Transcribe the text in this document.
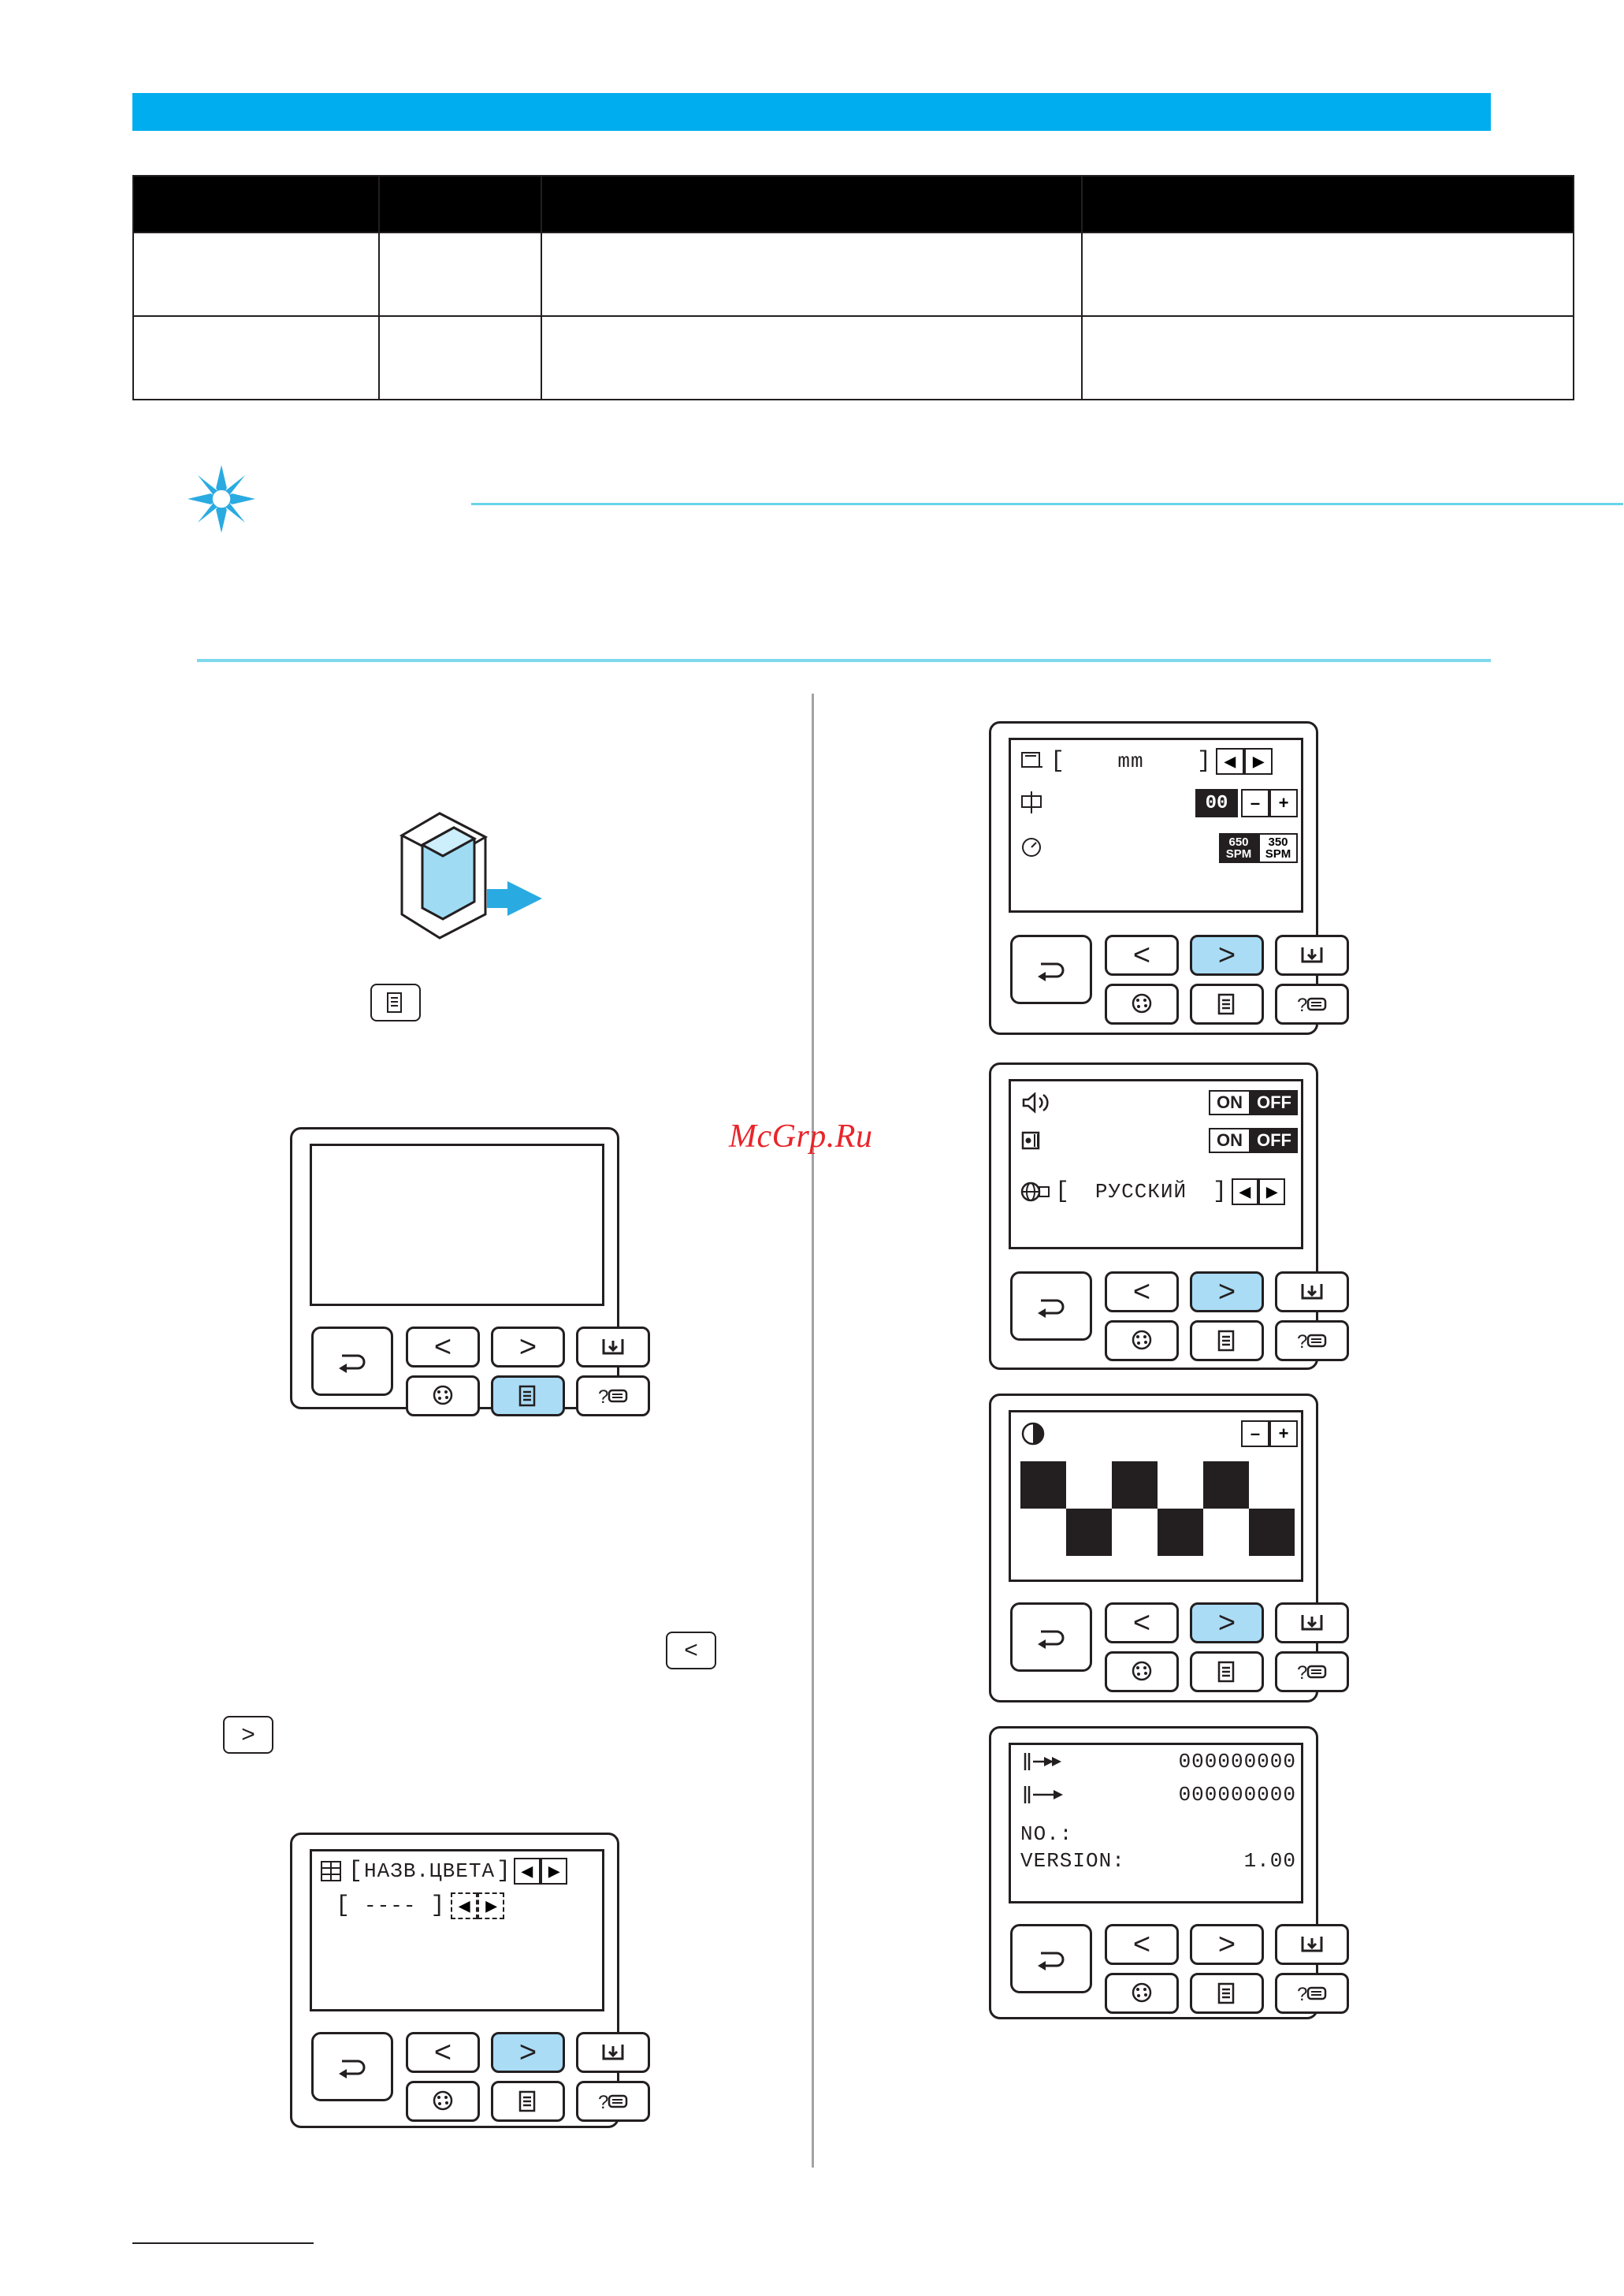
McGrp.Ru
< >
?
<
>
[ НАЗВ.ЦВЕТА ] ◀	▶
[ ---- ]	◀	▶
< >
?
[	mm	] ◀	▶
00	–	+
650
SPM
350
SPM
< >
?
ON OFF
ON OFF
[	РУССКИЙ	] ◀	▶
< >
?
–	+
< >
?
000000000
000000000
NO.:
VERSION:	1.00
< >
?
